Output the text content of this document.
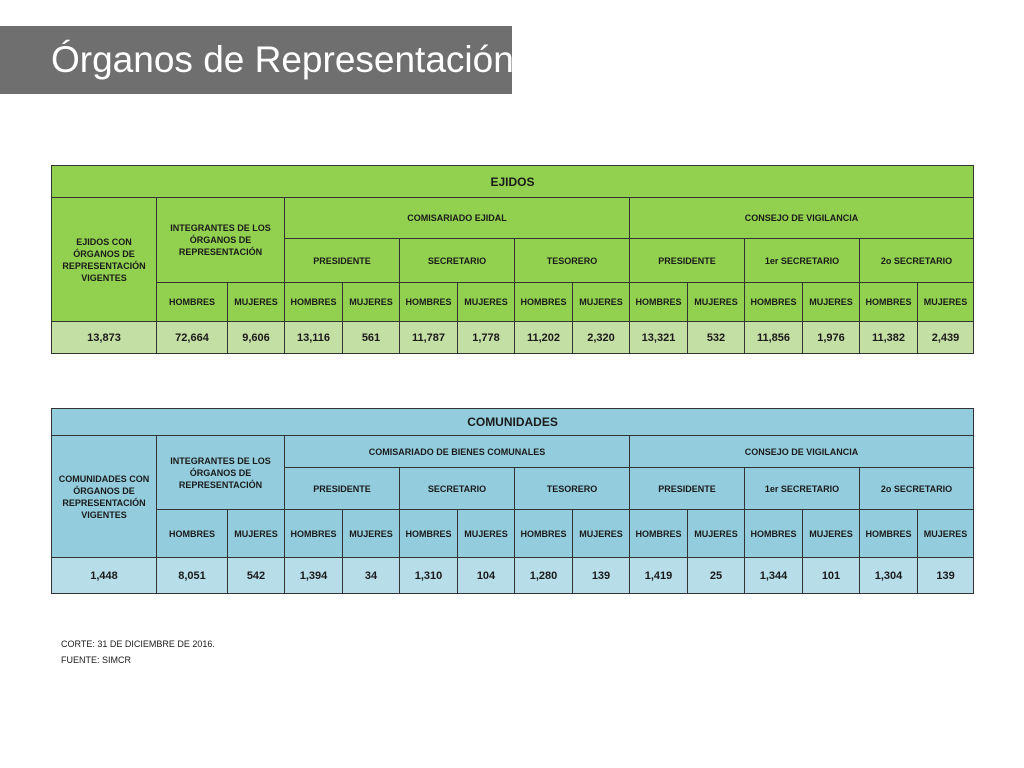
Órganos de Representación
EJIDOS														
EJIDOS CON ÓRGANOS DE REPRESENTACIÓN VIGENTES	INTEGRANTES DE LOS ÓRGANOS DE REPRESENTACIÓN		COMISARIADO EJIDAL						CONSEJO DE VIGILANCIA					
			PRESIDENTE		SECRETARIO		TESORERO		PRESIDENTE		1er SECRETARIO		2o SECRETARIO	
	HOMBRES	MUJERES	HOMBRES	MUJERES	HOMBRES	MUJERES	HOMBRES	MUJERES	HOMBRES	MUJERES	HOMBRES	MUJERES	HOMBRES	MUJERES
13,873	72,664	9,606	13,116	561	11,787	1,778	11,202	2,320	13,321	532	11,856	1,976	11,382	2,439
COMUNIDADES														
COMUNIDADES CON ÓRGANOS DE REPRESENTACIÓN VIGENTES	INTEGRANTES DE LOS ÓRGANOS DE REPRESENTACIÓN		COMISARIADO DE BIENES COMUNALES						CONSEJO DE VIGILANCIA					
			PRESIDENTE		SECRETARIO		TESORERO		PRESIDENTE		1er SECRETARIO		2o SECRETARIO	
	HOMBRES	MUJERES	HOMBRES	MUJERES	HOMBRES	MUJERES	HOMBRES	MUJERES	HOMBRES	MUJERES	HOMBRES	MUJERES	HOMBRES	MUJERES
1,448	8,051	542	1,394	34	1,310	104	1,280	139	1,419	25	1,344	101	1,304	139
CORTE: 31 DE DICIEMBRE DE 2016.
FUENTE: SIMCR
